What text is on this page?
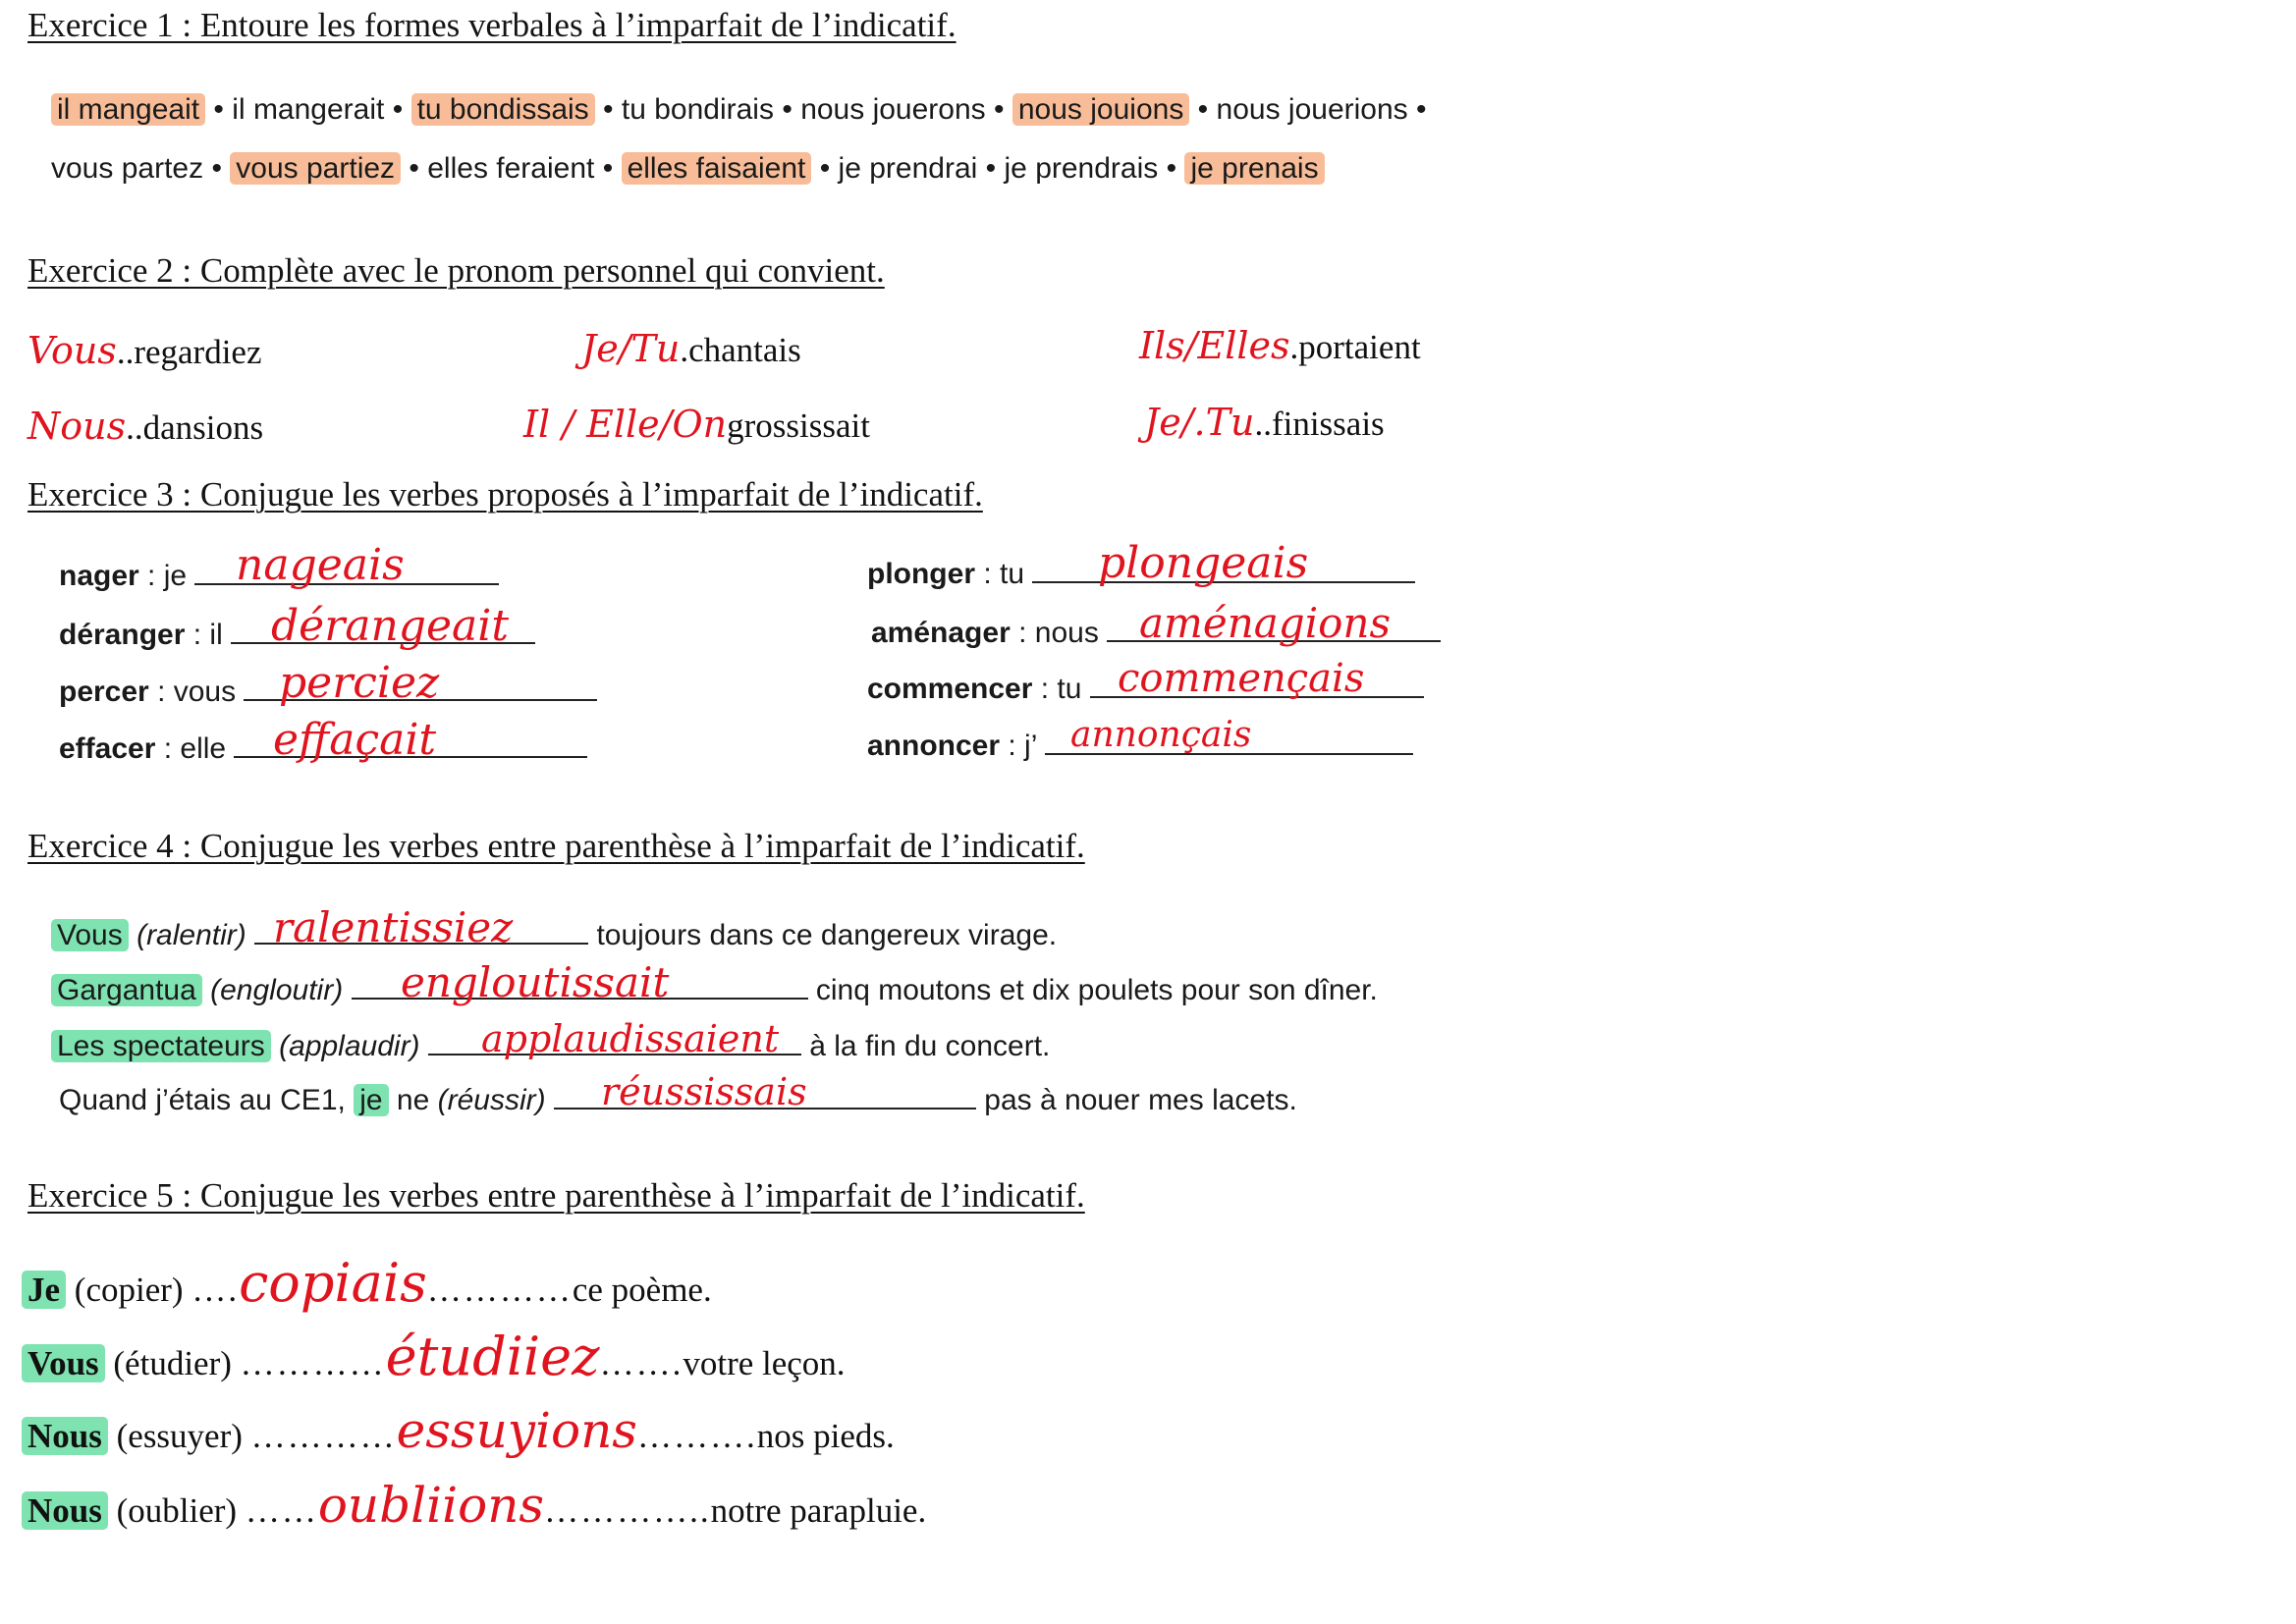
Exercice 1 : Entoure les formes verbales à l’imparfait de l’indicatif.
il mangeait • il mangerait • tu bondissais • tu bondirais • nous jouerons • nous jouions • nous jouerions •
vous partez • vous partiez • elles feraient • elles faisaient • je prendrai • je prendrais • je prenais
Exercice 2 : Complète avec le pronom personnel qui convient.
Vous..regardiez	Je/Tu.chantais	Ils/Elles.portaient
Nous..dansions	Il / Elle/Ongrossissait	Je/.Tu..finissais
Exercice 3 : Conjugue les verbes proposés à l’imparfait de l’indicatif.
nager : je	nageais
déranger : il	dérangeait
percer : vous perciez
effacer : elle	effaçait
plonger : tu	plongeais
aménager : nous aménagions
commencer : tu commençais
annoncer : j’ annonçais
Exercice 4 : Conjugue les verbes entre parenthèse à l’imparfait de l’indicatif.
Vous (ralentir)	toujours dans ce dangereux virage.
ralentissiez
Gargantua (engloutir)	cinq moutons et dix poulets pour son dîner.
engloutissait
Les spectateurs (applaudir)	à la fin du concert.
applaudissaient
Quand j’étais au CE1, je ne (réussir)	pas à nouer mes lacets.
réussissais
Exercice 5 : Conjugue les verbes entre parenthèse à l’imparfait de l’indicatif.
Je (copier) ….copiais…………ce poème.
Vous (étudier) …………étudiiez…….votre leçon.
Nous (essuyer) …………essuyions……….nos pieds.
Nous (oublier) ……oubliions…………..notre parapluie.
